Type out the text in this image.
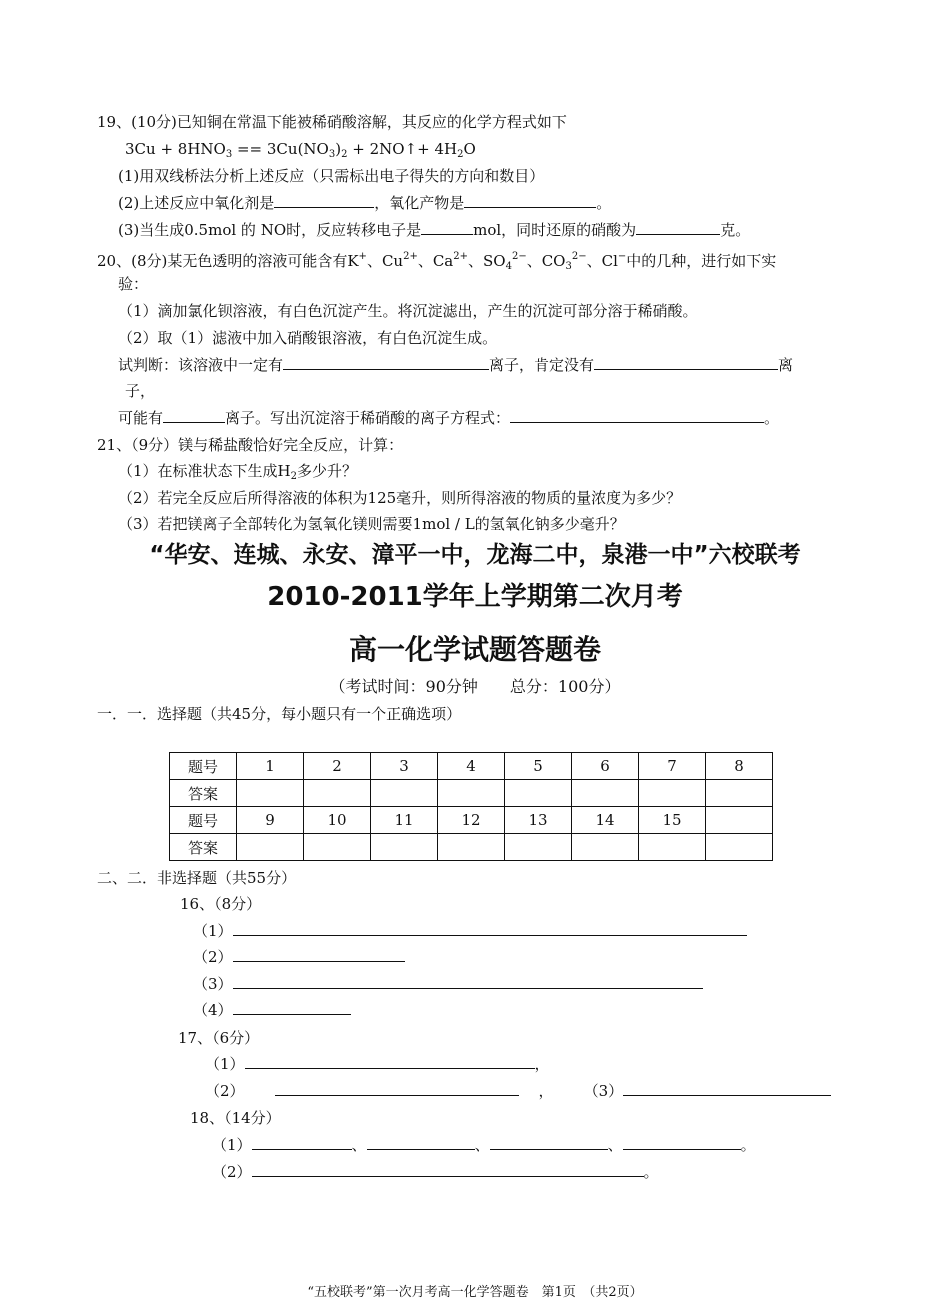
19、(10分)已知铜在常温下能被稀硝酸溶解，其反应的化学方程式如下
$3Cu + 8HNO_3 == 3Cu(NO_3)_2$ + 2NO↑+ $4H_2O$
(1)用双线桥法分析上述反应（只需标出电子得失的方向和数目）
(2)上述反应中氧化剂是	，氧化产物是	。
(3)当生成0.5mol 的 NO时，反应转移电子是	mol，同时还原的硝酸为	克。
20、(8分)某无色透明的溶液可能含有K+、$Cu^{2+}$、$Ca^{2+}$、$SO_4^{2-}$、$CO_3^{2-}$、Cl−中的几种，进行如下实
验：
（1）滴加氯化钡溶液，有白色沉淀产生。将沉淀滤出，产生的沉淀可部分溶于稀硝酸。
（2）取（1）滤液中加入硝酸银溶液，有白色沉淀生成。
试判断：该溶液中一定有	离子，肯定没有	离
子，
可能有	离子。写出沉淀溶于稀硝酸的离子方程式：	。
21、（9分）镁与稀盐酸恰好完全反应，计算：
（1）在标准状态下生成$H_2$多少升？
（2）若完全反应后所得溶液的体积为125毫升，则所得溶液的物质的量浓度为多少？
（3）若把镁离子全部转化为氢氧化镁则需要1mol / L的氢氧化钠多少毫升？
“华安、连城、永安、漳平一中，龙海二中，泉港一中”六校联考
2010-2011学年上学期第二次月考
高一化学试题答题卷
（考试时间：90分钟　　总分：100分）
一．一．选择题（共45分，每小题只有一个正确选项）
题号	1	2	3	4	5	6	7	8
答案								
题号	9	10	11	12	13	14	15	
答案								
二、二．非选择题（共55分）
16、（8分）
（1）
（2）
（3）
（4）
17、（6分）
（1）	，
（2）	， （3）
18、（14分）
（1）	、	、	、	。
（2）	。
“五校联考”第一次月考高一化学答题卷　第1页　（共2页）
